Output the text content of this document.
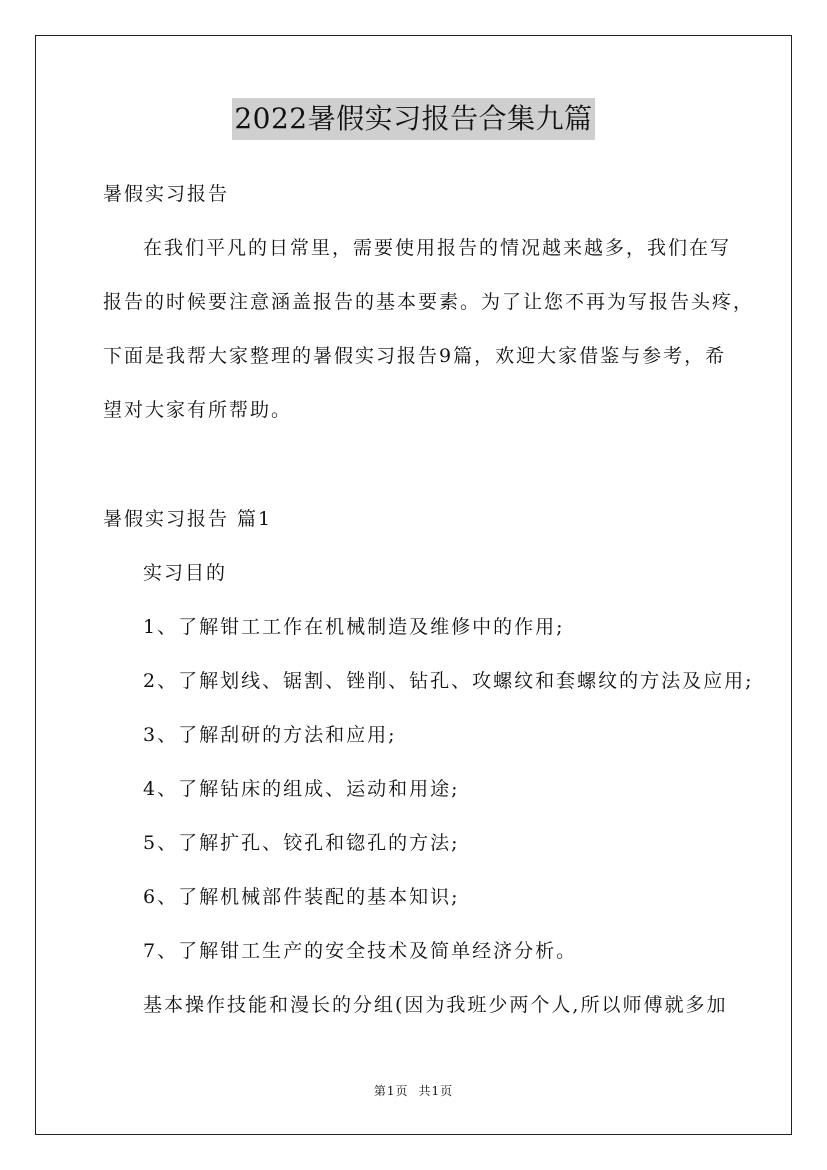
2022暑假实习报告合集九篇
暑假实习报告
在我们平凡的日常里，需要使用报告的情况越来越多，我们在写
报告的时候要注意涵盖报告的基本要素。为了让您不再为写报告头疼，
下面是我帮大家整理的暑假实习报告9篇，欢迎大家借鉴与参考，希
望对大家有所帮助。
暑假实习报告 篇1
实习目的
1、了解钳工工作在机械制造及维修中的作用;
2、了解划线、锯割、锉削、钻孔、攻螺纹和套螺纹的方法及应用;
3、了解刮研的方法和应用;
4、了解钻床的组成、运动和用途;
5、了解扩孔、铰孔和锪孔的方法;
6、了解机械部件装配的基本知识;
7、了解钳工生产的安全技术及简单经济分析。
基本操作技能和漫长的分组(因为我班少两个人,所以师傅就多加
第1页 共1页
